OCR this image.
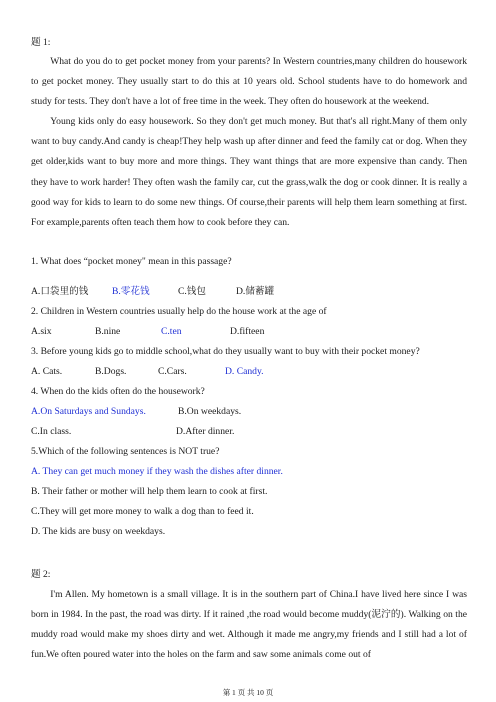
题 1:

What do you do to get pocket money from your parents? In Western countries,many children do housework to get pocket money. They usually start to do this at 10 years old. School students have to do homework and study for tests. They don't have a lot of free time in the week. They often do housework at the weekend.

Young kids only do easy housework. So they don't get much money. But that's all right.Many of them only want to buy candy.And candy is cheap!They help wash up after dinner and feed the family cat or dog. When they get older,kids want to buy more and more things. They want things that are more expensive than candy. Then they have to work harder! They often wash the family car, cut the grass,walk the dog or cook dinner. It is really a good way for kids to learn to do some new things. Of course,their parents will help them learn something at first. For example,parents often teach them how to cook before they can.

1. What does “pocket money" mean in this passage?
A.口袋里的钱 B.零花钱	C.钱包	D.储蓄罐
2. Children in Western countries usually help do the house work at the age of
A.six	B.nine	C.ten	D.fifteen
3. Before young kids go to middle school,what do they usually want to buy with their pocket money?
A. Cats.	B.Dogs.	C.Cars.	D. Candy.
4. When do the kids often do the housework?
A.On Saturdays and Sundays.	B.On weekdays.
C.In class.	D.After dinner.
5.Which of the following sentences is NOT true?
A. They can get much money if they wash the dishes after dinner.
B. Their father or mother will help them learn to cook at first.
C.They will get more money to walk a dog than to feed it.
D. The kids are busy on weekdays.
题 2:

I'm Allen. My hometown is a small village. It is in the southern part of China.I have lived here since I was born in 1984. In the past, the road was dirty. If it rained ,the road would become muddy(泥泞的). Walking on the muddy road would make my shoes dirty and wet. Although it made me angry,my friends and I still had a lot of fun.We often poured water into the holes on the farm and saw some animals come out of

第 1 页 共 10 页
